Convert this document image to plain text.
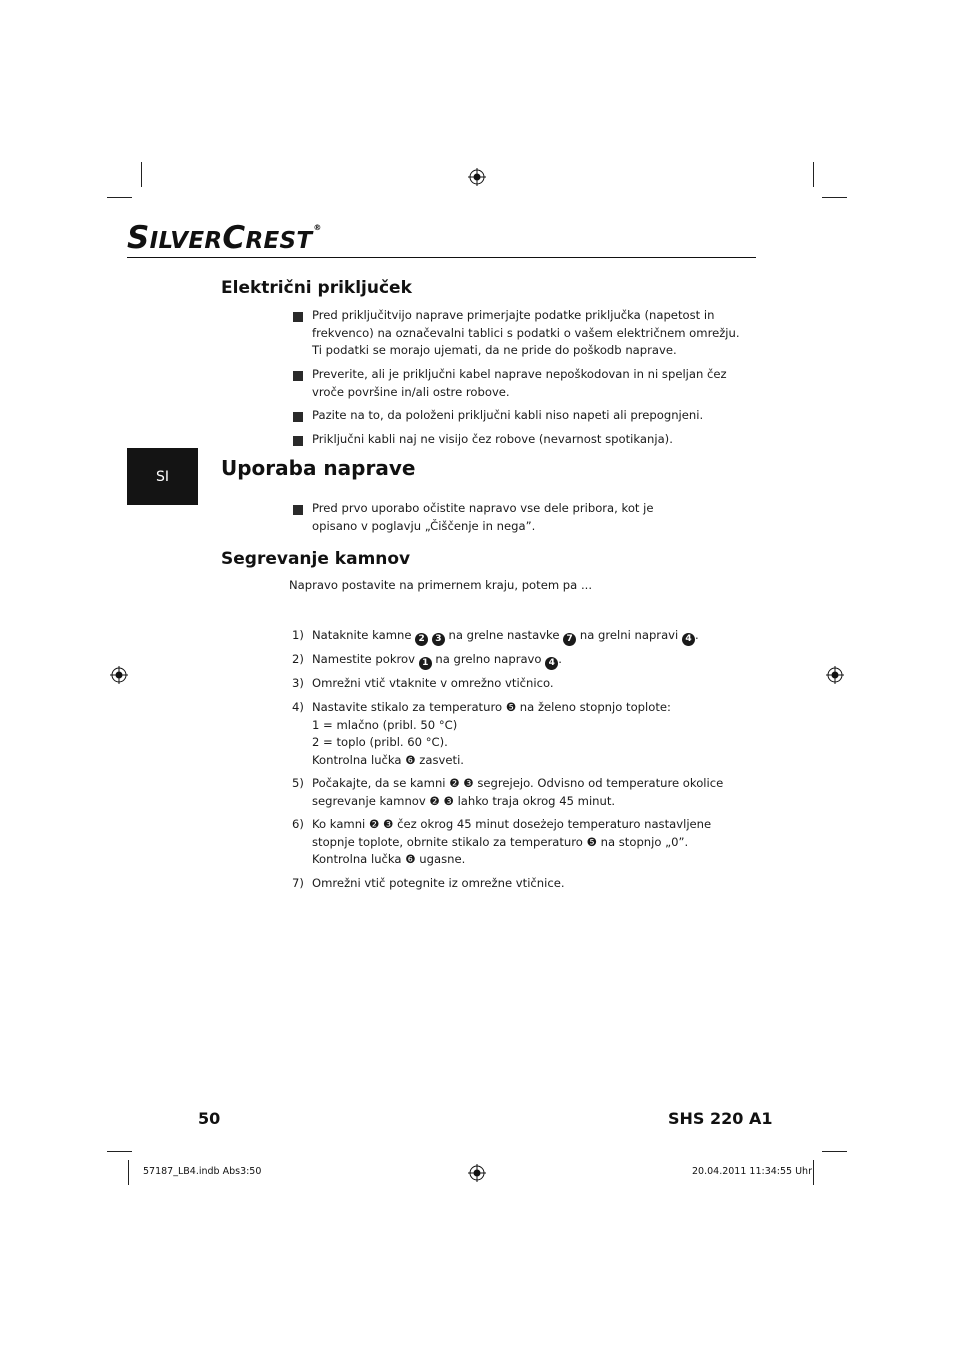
SILVERCREST®
Električni priključek
Pred priključitvijo naprave primerjajte podatke priključka (napetost in frekvenco) na označevalni tablici s podatki o vašem električnem omrežju. Ti podatki se morajo ujemati, da ne pride do poškodb naprave.
Preverite, ali je priključni kabel naprave nepoškodovan in ni speljan čez vroče površine in/ali ostre robove.
Pazite na to, da položeni priključni kabli niso napeti ali prepognjeni.
Priključni kabli naj ne visijo čez robove (nevarnost spotikanja).
SI	Uporaba naprave
Pred prvo uporabo očistite napravo vse dele pribora, kot je opisano v poglavju „Čiščenje in nega”.
Segrevanje kamnov
Napravo postavite na primernem kraju, potem pa ...
1) Nataknite kamne 2 3 na grelne nastavke 7 na grelni napravi 4 .
2) Namestite pokrov 1 na grelno napravo 4 .
3) Omrežni vtič vtaknite v omrežno vtičnico.
4) Nastavite stikalo za temperaturo ❺ na želeno stopnjo toplote:
1 = mlačno (pribl. 50 °C)
2 = toplo (pribl. 60 °C).
Kontrolna lučka ❻ zasveti.
5) Počakajte, da se kamni ❷ ❸ segrejejo. Odvisno od temperature okolice
segrevanje kamnov ❷ ❸ lahko traja okrog 45 minut.
6) Ko kamni ❷ ❸ čez okrog 45 minut doseżejo temperaturo nastavljene
stopnje toplote, obrnite stikalo za temperaturo ❺ na stopnjo „0”.
Kontrolna lučka ❻ ugasne.
7) Omrežni vtič potegnite iz omrežne vtičnice.
50	SHS 220 A1
57187_LB4.indb Abs3:50	20.04.2011 11:34:55 Uhr
